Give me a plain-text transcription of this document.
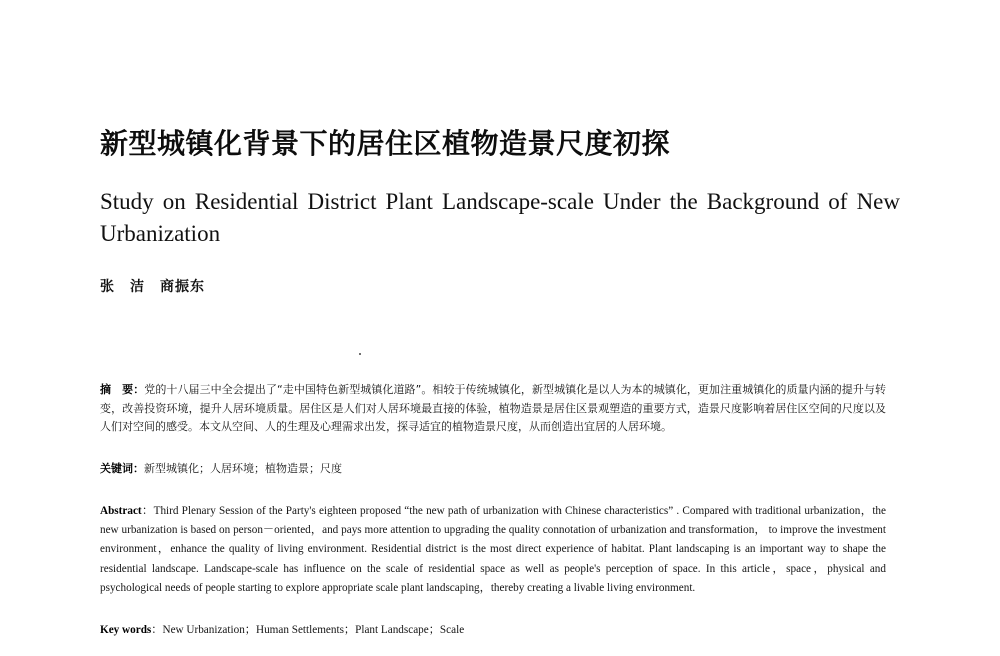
新型城镇化背景下的居住区植物造景尺度初探
Study on Residential District Plant Landscape-scale Under the Background of New Urbanization
张　洁　商振东
摘　要：党的十八届三中全会提出了“走中国特色新型城镇化道路”。相较于传统城镇化，新型城镇化是以人为本的城镇化，更加注重城镇化的质量内涵的提升与转变，改善投资环境，提升人居环境质量。居住区是人们对人居环境最直接的体验，植物造景是居住区景观塑造的重要方式，造景尺度影响着居住区空间的尺度以及人们对空间的感受。本文从空间、人的生理及心理需求出发，探寻适宜的植物造景尺度，从而创造出宜居的人居环境。
关键词：新型城镇化；人居环境；植物造景；尺度
Abstract：Third Plenary Session of the Party's eighteen proposed “the new path of urbanization with Chinese characteristics” . Compared with traditional urbanization，the new urbanization is based on person－oriented，and pays more attention to upgrading the quality connotation of urbanization and transformation， to improve the investment environment，enhance the quality of living environment. Residential district is the most direct experience of habitat. Plant landscaping is an important way to shape the residential landscape. Landscape-scale has influence on the scale of residential space as well as people's perception of space. In this article，space，physical and psychological needs of people starting to explore appropriate scale plant landscaping，thereby creating a livable living environment.
Key words：New Urbanization；Human Settlements；Plant Landscape；Scale
